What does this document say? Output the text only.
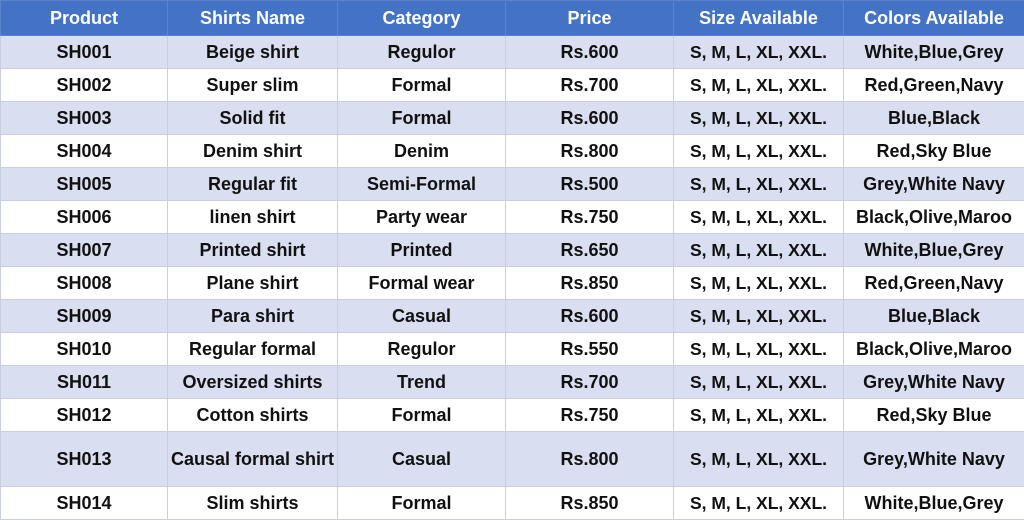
Product	Shirts Name	Category	Price	Size Available	Colors Available
SH001	Beige shirt	Regulor	Rs.600	S, M, L, XL, XXL.	White,Blue,Grey
SH002	Super slim	Formal	Rs.700	S, M, L, XL, XXL.	Red,Green,Navy
SH003	Solid fit	Formal	Rs.600	S, M, L, XL, XXL.	Blue,Black
SH004	Denim shirt	Denim	Rs.800	S, M, L, XL, XXL.	Red,Sky Blue
SH005	Regular fit	Semi-Formal	Rs.500	S, M, L, XL, XXL.	Grey,White Navy
SH006	linen shirt	Party wear	Rs.750	S, M, L, XL, XXL.	Black,Olive,Maroo
SH007	Printed shirt	Printed	Rs.650	S, M, L, XL, XXL.	White,Blue,Grey
SH008	Plane shirt	Formal wear	Rs.850	S, M, L, XL, XXL.	Red,Green,Navy
SH009	Para shirt	Casual	Rs.600	S, M, L, XL, XXL.	Blue,Black
SH010	Regular formal	Regulor	Rs.550	S, M, L, XL, XXL.	Black,Olive,Maroo
SH011	Oversized shirts	Trend	Rs.700	S, M, L, XL, XXL.	Grey,White Navy
SH012	Cotton shirts	Formal	Rs.750	S, M, L, XL, XXL.	Red,Sky Blue
SH013	Causal formal shirt	Casual	Rs.800	S, M, L, XL, XXL.	Grey,White Navy
SH014	Slim shirts	Formal	Rs.850	S, M, L, XL, XXL.	White,Blue,Grey
